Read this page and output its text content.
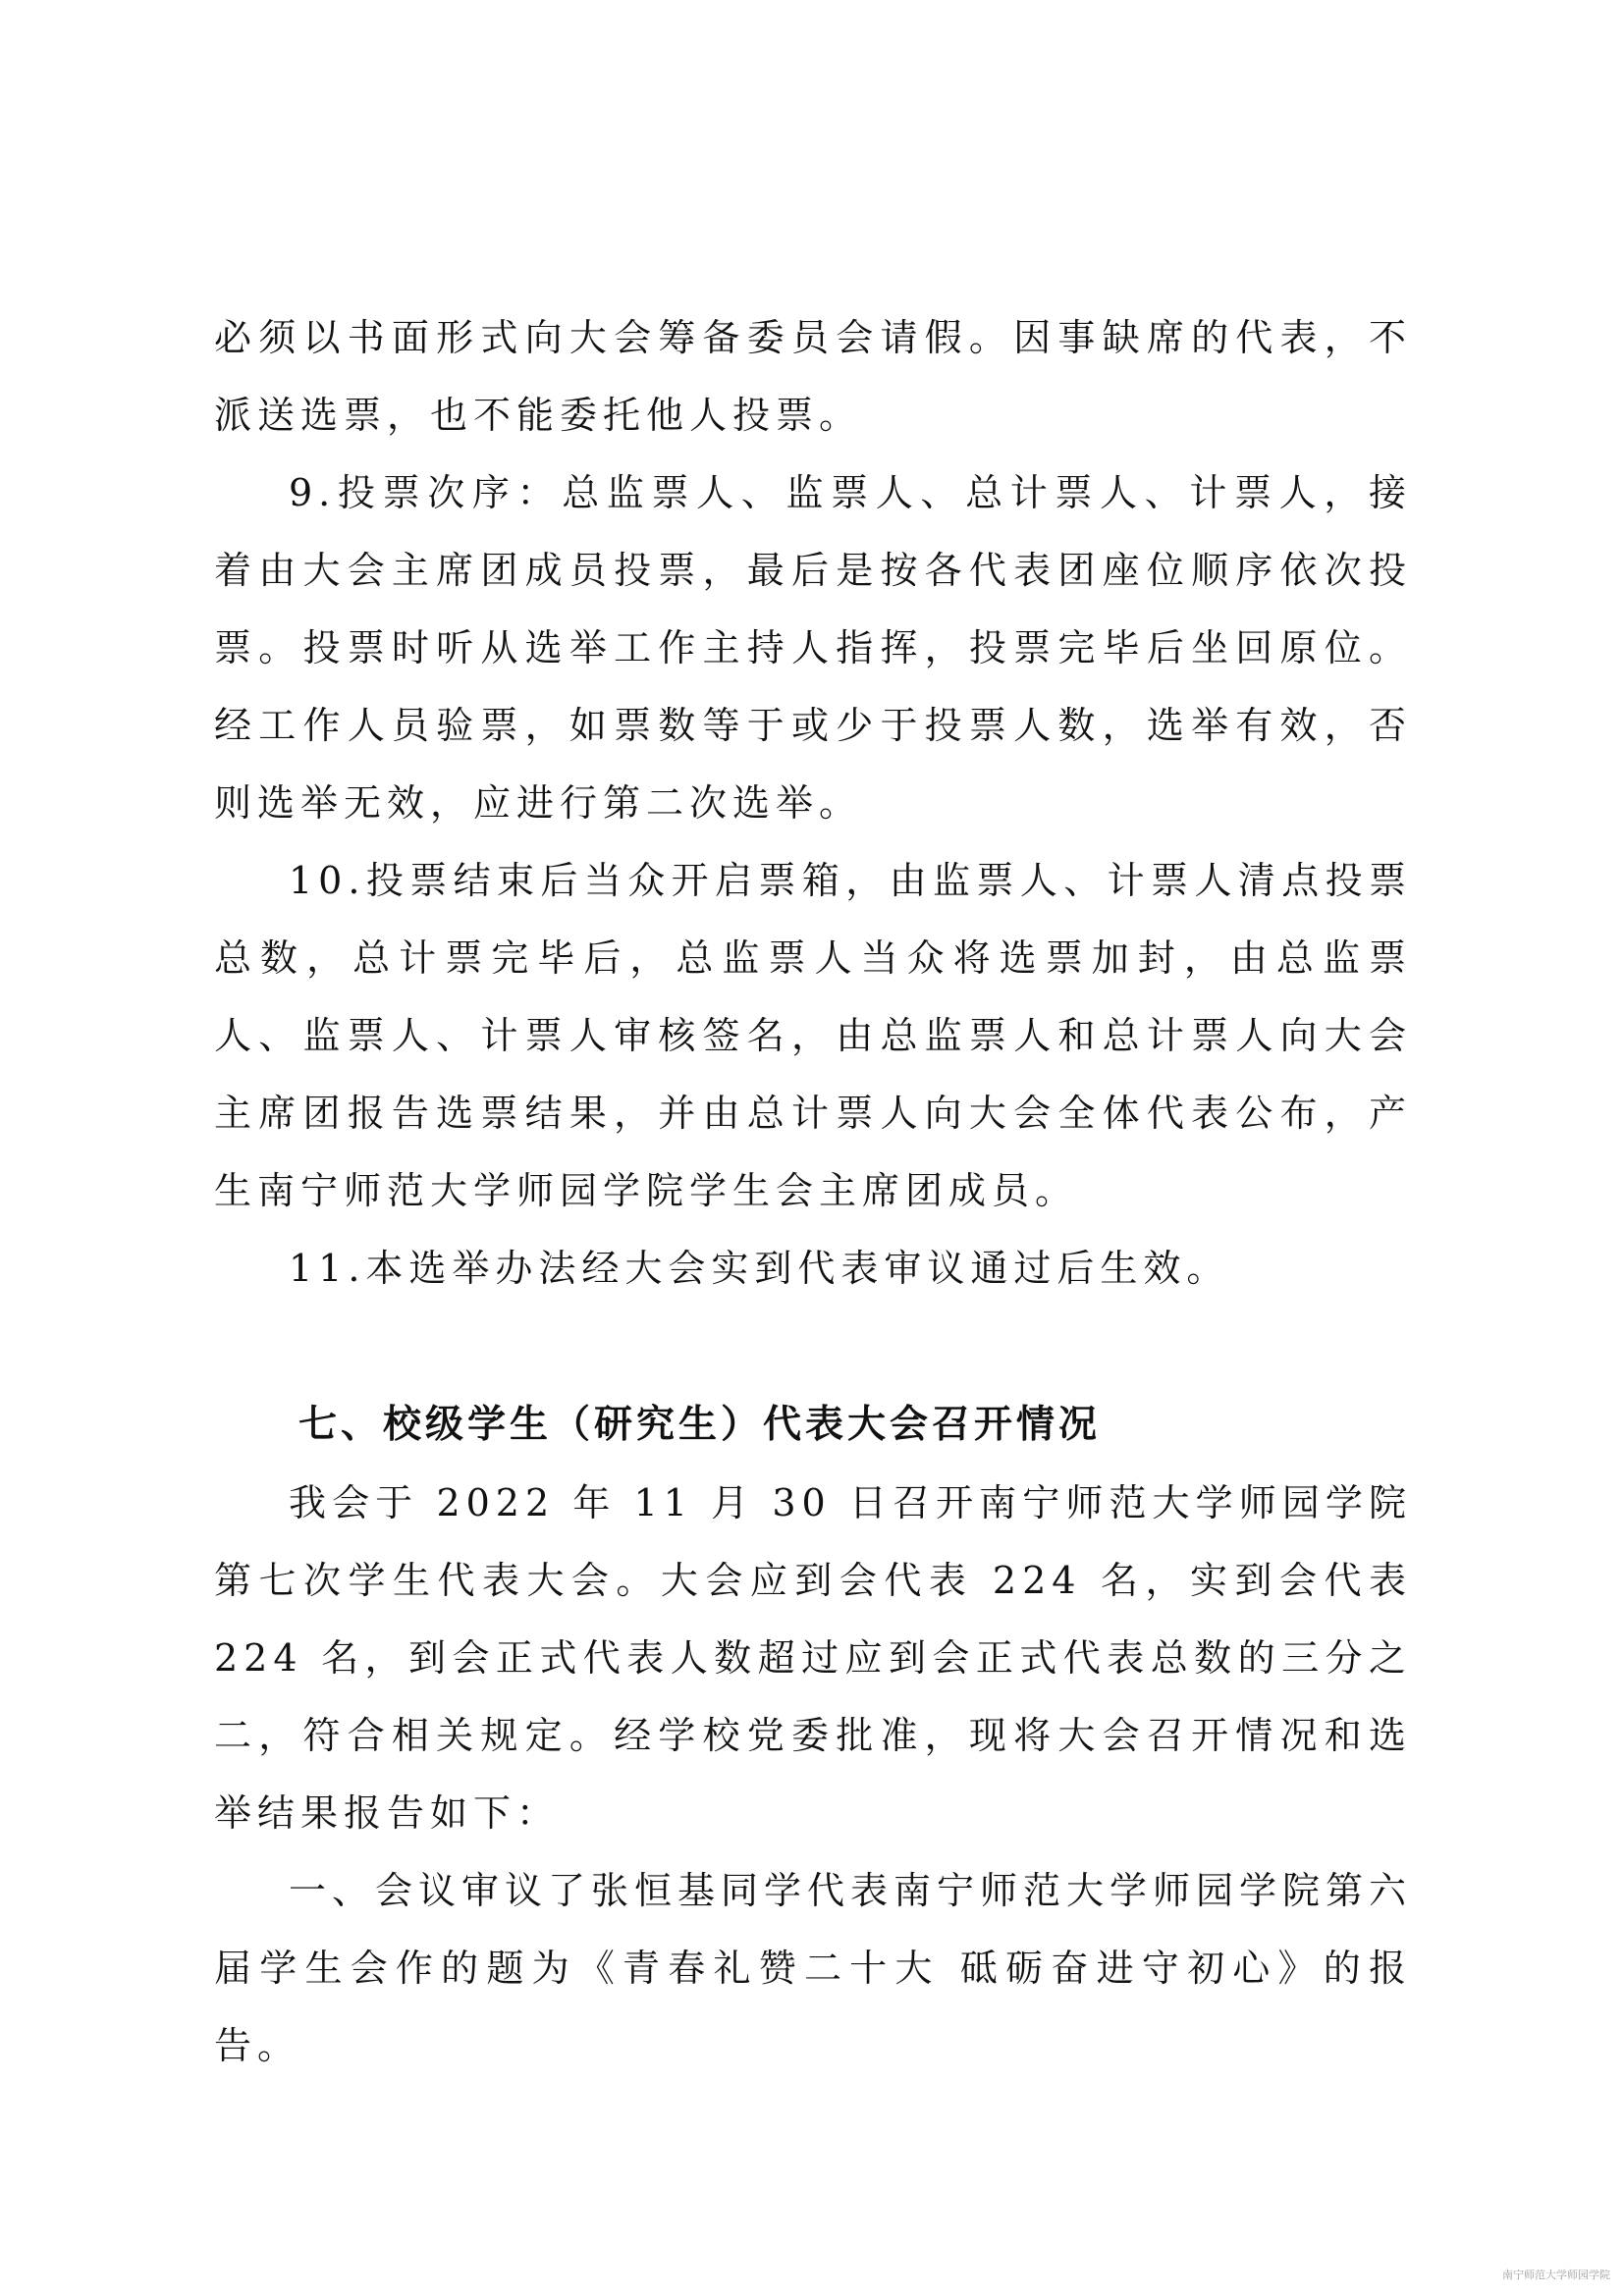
必须以书面形式向大会筹备委员会请假。因事缺席的代表，不派送选票，也不能委托他人投票。

9.投票次序：总监票人、监票人、总计票人、计票人，接着由大会主席团成员投票，最后是按各代表团座位顺序依次投票。投票时听从选举工作主持人指挥，投票完毕后坐回原位。经工作人员验票，如票数等于或少于投票人数，选举有效，否则选举无效，应进行第二次选举。

10.投票结束后当众开启票箱，由监票人、计票人清点投票总数，总计票完毕后，总监票人当众将选票加封，由总监票人、监票人、计票人审核签名，由总监票人和总计票人向大会主席团报告选票结果，并由总计票人向大会全体代表公布，产生南宁师范大学师园学院学生会主席团成员。

11.本选举办法经大会实到代表审议通过后生效。

七、校级学生（研究生）代表大会召开情况

我会于 2022 年 11 月 30 日召开南宁师范大学师园学院第七次学生代表大会。大会应到会代表 224 名，实到会代表 224 名，到会正式代表人数超过应到会正式代表总数的三分之二，符合相关规定。经学校党委批准，现将大会召开情况和选举结果报告如下：

一、会议审议了张恒基同学代表南宁师范大学师园学院第六届学生会作的题为《青春礼赞二十大 砥砺奋进守初心》的报告。

南宁师范大学师园学院
